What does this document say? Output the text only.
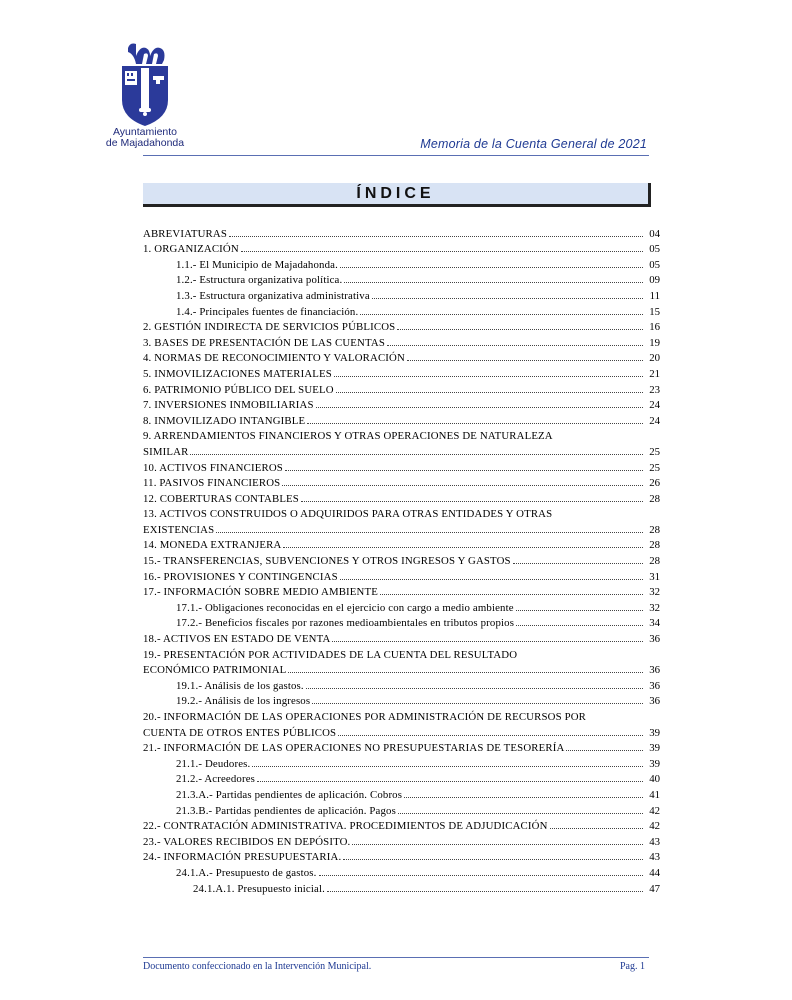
Ayuntamiento
de Majadahonda	Memoria de la Cuenta General de 2021
ÍNDICE
ABREVIATURAS	04
1. ORGANIZACIÓN	05
1.1.- El Municipio de Majadahonda.	05
1.2.- Estructura organizativa política.	09
1.3.- Estructura organizativa administrativa	11
1.4.- Principales fuentes de financiación.	15
2. GESTIÓN INDIRECTA DE SERVICIOS PÚBLICOS	16
3. BASES DE PRESENTACIÓN DE LAS CUENTAS	19
4. NORMAS DE RECONOCIMIENTO Y VALORACIÓN	20
5. INMOVILIZACIONES MATERIALES	21
6. PATRIMONIO PÚBLICO DEL SUELO	23
7. INVERSIONES INMOBILIARIAS	24
8. INMOVILIZADO INTANGIBLE	24
9. ARRENDAMIENTOS FINANCIEROS Y OTRAS OPERACIONES DE NATURALEZA
SIMILAR	25
10. ACTIVOS FINANCIEROS	25
11. PASIVOS FINANCIEROS	26
12. COBERTURAS CONTABLES	28
13. ACTIVOS CONSTRUIDOS O ADQUIRIDOS PARA OTRAS ENTIDADES Y OTRAS
EXISTENCIAS	28
14. MONEDA EXTRANJERA	28
15.- TRANSFERENCIAS, SUBVENCIONES Y OTROS INGRESOS Y GASTOS	28
16.- PROVISIONES Y CONTINGENCIAS	31
17.- INFORMACIÓN SOBRE MEDIO AMBIENTE	32
17.1.- Obligaciones reconocidas en el ejercicio con cargo a medio ambiente	32
17.2.- Beneficios fiscales por razones medioambientales en tributos propios	34
18.- ACTIVOS EN ESTADO DE VENTA	36
19.- PRESENTACIÓN POR ACTIVIDADES DE LA CUENTA DEL RESULTADO
ECONÓMICO PATRIMONIAL	36
19.1.- Análisis de los gastos.	36
19.2.- Análisis de los ingresos	36
20.- INFORMACIÓN DE LAS OPERACIONES POR ADMINISTRACIÓN DE RECURSOS POR
CUENTA DE OTROS ENTES PÚBLICOS	39
21.- INFORMACIÓN DE LAS OPERACIONES NO PRESUPUESTARIAS DE TESORERÍA	39
21.1.- Deudores.	39
21.2.- Acreedores	40
21.3.A.- Partidas pendientes de aplicación. Cobros	41
21.3.B.- Partidas pendientes de aplicación. Pagos	42
22.- CONTRATACIÓN ADMINISTRATIVA. PROCEDIMIENTOS DE ADJUDICACIÓN	42
23.- VALORES RECIBIDOS EN DEPÓSITO.	43
24.- INFORMACIÓN PRESUPUESTARIA.	43
24.1.A.- Presupuesto de gastos.	44
24.1.A.1. Presupuesto inicial.	47
Documento confeccionado en la Intervención Municipal.	Pag. 1
